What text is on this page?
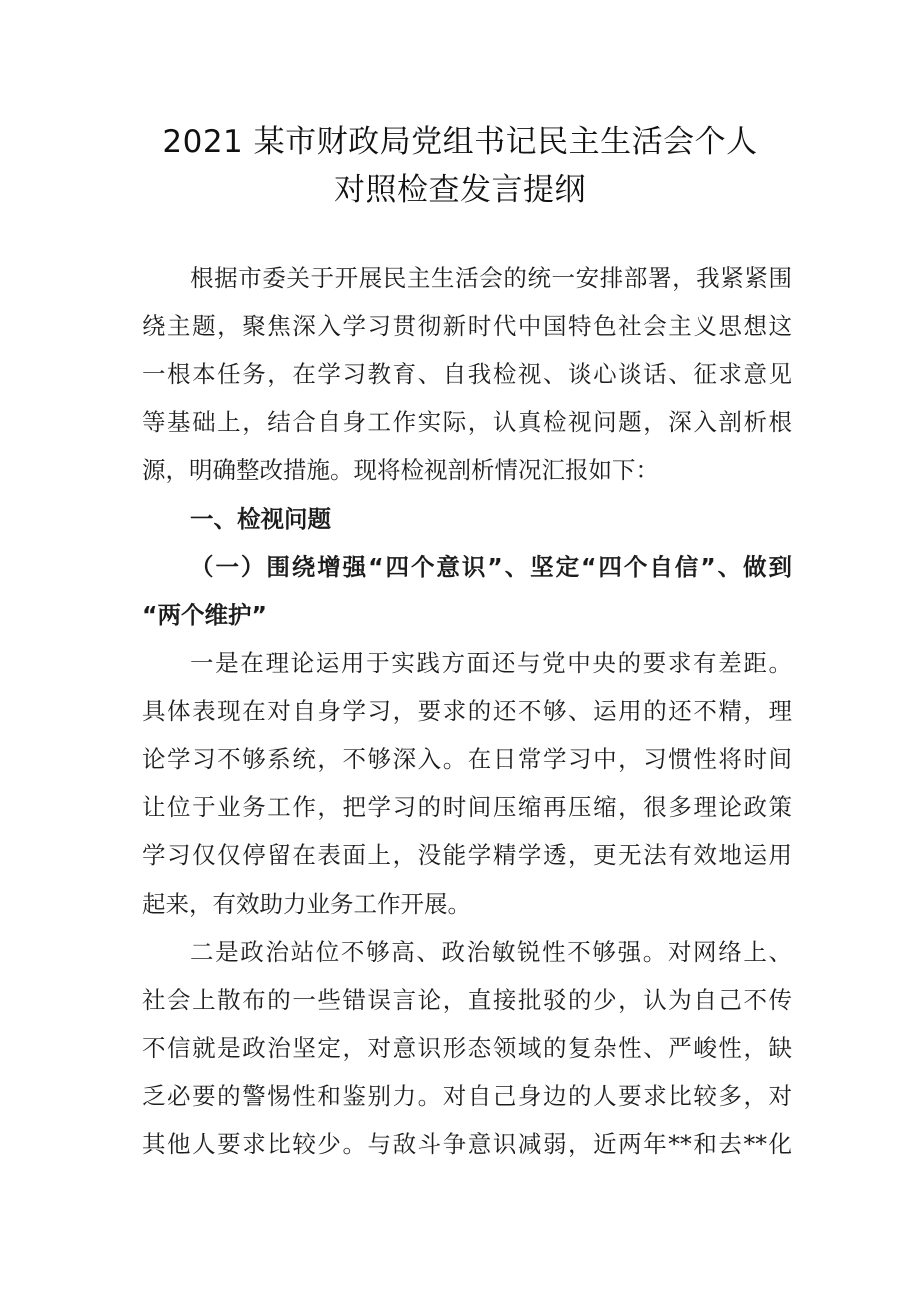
2021 某市财政局党组书记民主生活会个人
对照检查发言提纲

根据市委关于开展民主生活会的统一安排部署，我紧紧围

绕主题，聚焦深入学习贯彻新时代中国特色社会主义思想这

一根本任务，在学习教育、自我检视、谈心谈话、征求意见

等基础上，结合自身工作实际，认真检视问题，深入剖析根

源，明确整改措施。现将检视剖析情况汇报如下：

一、检视问题

（一）围绕增强“四个意识”、坚定“四个自信”、做到

“两个维护”

一是在理论运用于实践方面还与党中央的要求有差距。

具体表现在对自身学习，要求的还不够、运用的还不精，理

论学习不够系统，不够深入。在日常学习中，习惯性将时间

让位于业务工作，把学习的时间压缩再压缩，很多理论政策

学习仅仅停留在表面上，没能学精学透，更无法有效地运用

起来，有效助力业务工作开展。

二是政治站位不够高、政治敏锐性不够强。对网络上、

社会上散布的一些错误言论，直接批驳的少，认为自己不传

不信就是政治坚定，对意识形态领域的复杂性、严峻性，缺

乏必要的警惕性和鉴别力。对自己身边的人要求比较多，对

其他人要求比较少。与敌斗争意识减弱，近两年**和去**化
